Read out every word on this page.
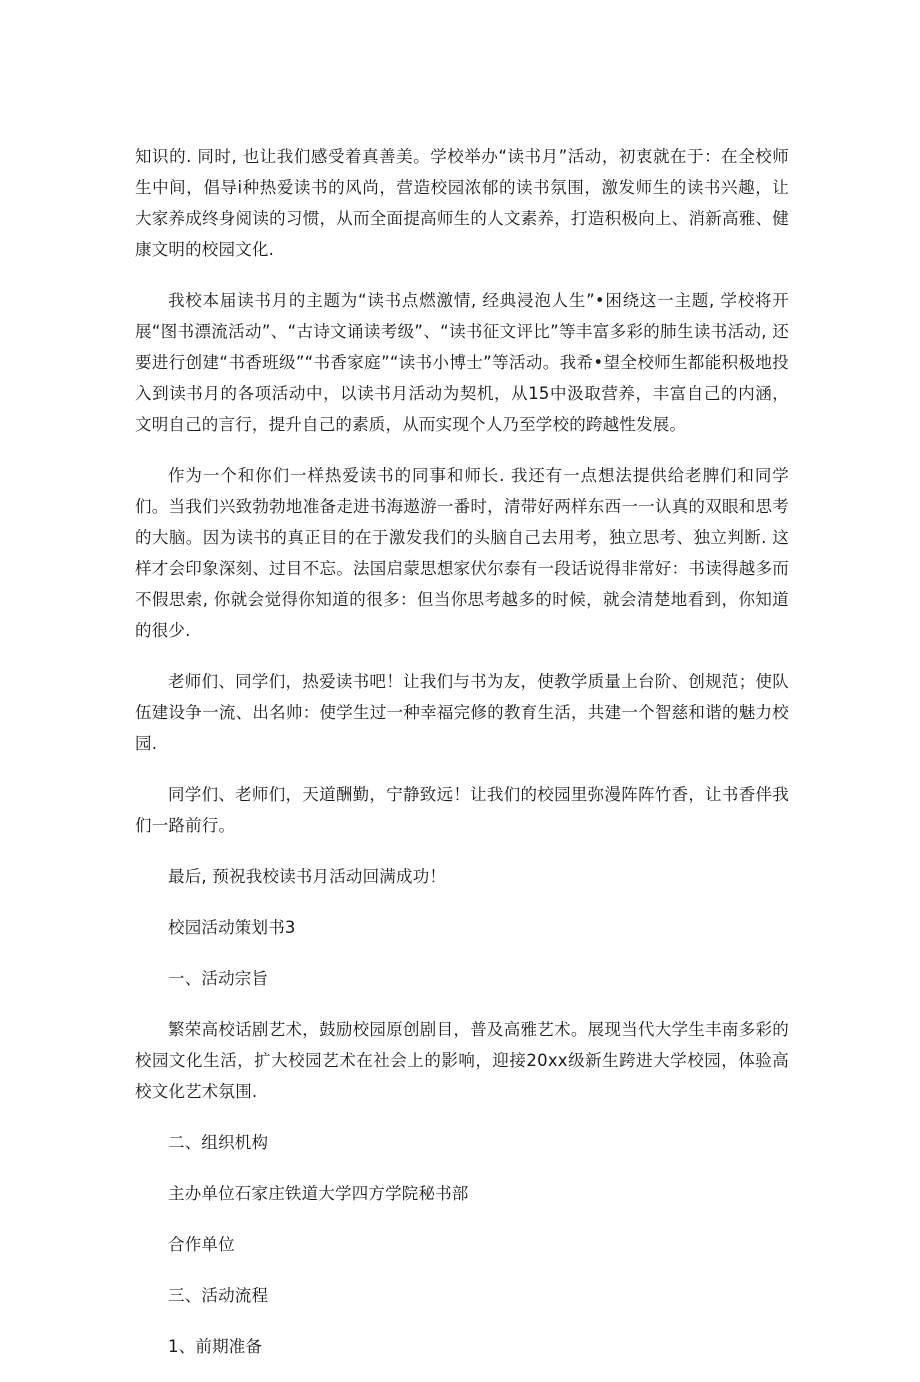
知识的. 同时, 也让我们感受着真善美。学校举办“读书月”活动，初衷就在于：在全校师生中间，倡导i种热爱读书的风尚，营造校园浓郁的读书氛围，激发师生的读书兴趣，让大家养成终身阅读的习惯，从而全面提高师生的人文素养，打造积极向上、消新高雅、健康文明的校园文化.

我校本届读书月的主题为“读书点燃激情, 经典浸泡人生”•困绕这一主题, 学校将开展“图书漂流活动”、“古诗文诵读考级”、“读书征文评比”等丰富多彩的肺生读书活动, 还要进行创建“书香班级”“书香家庭”“读书小博士”等活动。我希•望全校师生都能积极地投入到读书月的各项活动中，以读书月活动为契机，从15中汲取营养，丰富自己的内涵，文明自己的言行，提升自己的素质，从而实现个人乃至学校的跨越性发展。

作为一个和你们一样热爱读书的同事和师长. 我还有一点想法提供给老脾们和同学们。当我们兴致勃勃地准备走进书海遨游一番时，清带好两样东西一一认真的双眼和思考的大脑。因为读书的真正目的在于激发我们的头脑自己去用考，独立思考、独立判断. 这样才会印象深刻、过目不忘。法国启蒙思想家伏尔泰有一段话说得非常好：书读得越多而不假思索, 你就会觉得你知道的很多：但当你思考越多的时候，就会清楚地看到，你知道的很少.

老师们、同学们，热爱读书吧！让我们与书为友，使教学质量上台阶、创规范；使队伍建设争一流、出名帅：使学生过一种幸福完修的教育生活，共建一个智慈和谐的魅力校园.

同学们、老师们，天道酬勤，宁静致远！让我们的校园里弥漫阵阵竹香，让书香伴我们一路前行。

最后, 预祝我校读书月活动回满成功！
校园活动策划书3
一、活动宗旨

繁荣高校话剧艺术，鼓励校园原创剧目，普及高雅艺术。展现当代大学生丰南多彩的校园文化生活，扩大校园艺术在社会上的影响，迎接20xx级新生跨进大学校园，体验高校文化艺术氛围.

二、组织机构
主办单位石家庄铁道大学四方学院秘书部
合作单位
三、活动流程
1、前期准备
